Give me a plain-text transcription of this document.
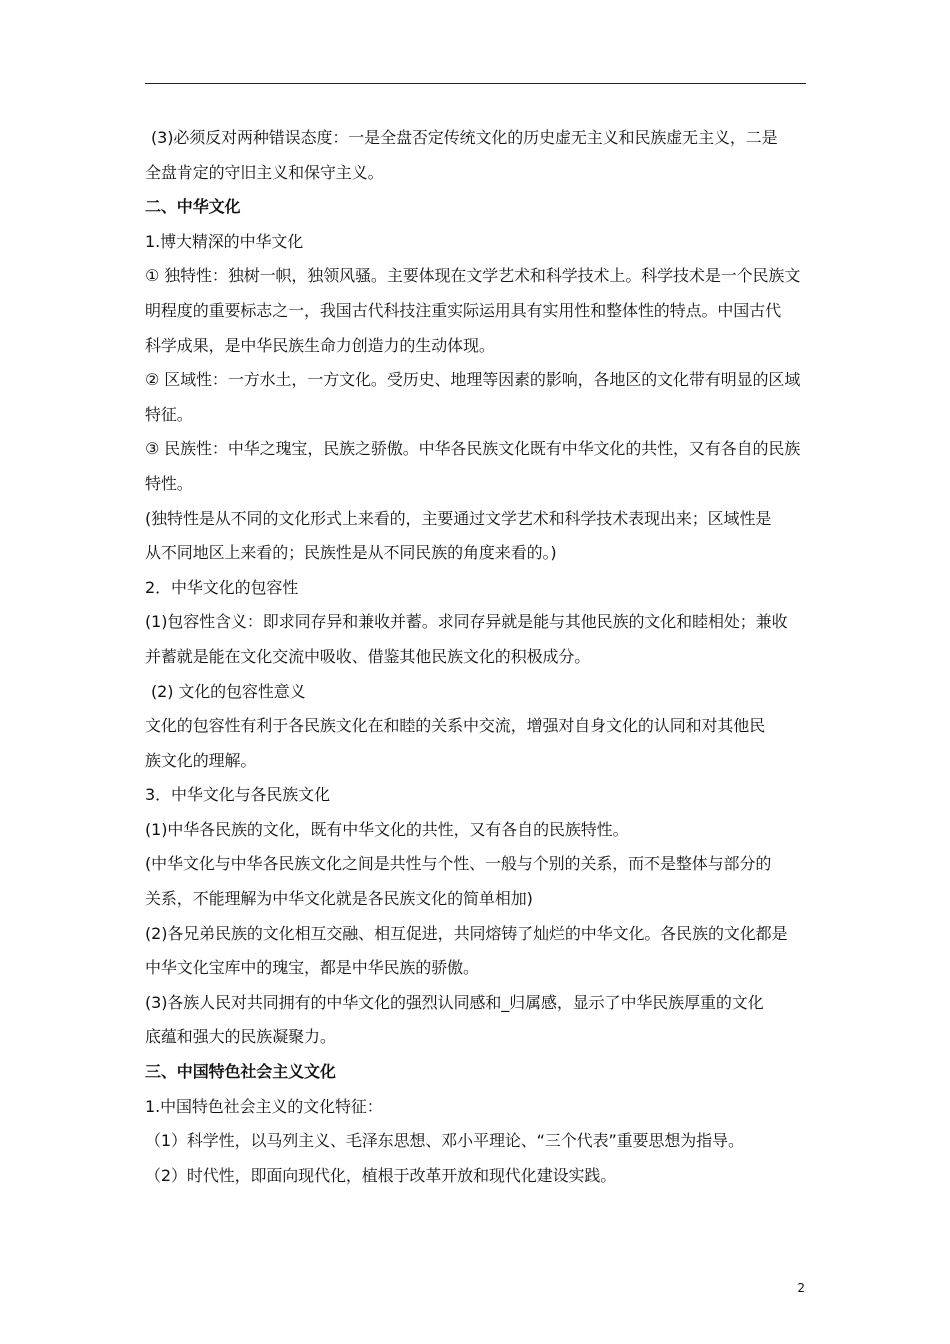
(3)必须反对两种错误态度：一是全盘否定传统文化的历史虚无主义和民族虚无主义，二是
全盘肯定的守旧主义和保守主义。
二、中华文化
1.博大精深的中华文化
① 独特性：独树一帜，独领风骚。主要体现在文学艺术和科学技术上。科学技术是一个民族文
明程度的重要标志之一，我国古代科技注重实际运用具有实用性和整体性的特点。中国古代
科学成果，是中华民族生命力创造力的生动体现。
② 区域性：一方水土，一方文化。受历史、地理等因素的影响，各地区的文化带有明显的区域
特征。
③ 民族性：中华之瑰宝，民族之骄傲。中华各民族文化既有中华文化的共性，又有各自的民族
特性。
(独特性是从不同的文化形式上来看的，主要通过文学艺术和科学技术表现出来；区域性是
从不同地区上来看的；民族性是从不同民族的角度来看的。)
2．中华文化的包容性
(1)包容性含义：即求同存异和兼收并蓄。求同存异就是能与其他民族的文化和睦相处；兼收
并蓄就是能在文化交流中吸收、借鉴其他民族文化的积极成分。
(2) 文化的包容性意义
文化的包容性有利于各民族文化在和睦的关系中交流，增强对自身文化的认同和对其他民
族文化的理解。
3．中华文化与各民族文化
(1)中华各民族的文化，既有中华文化的共性，又有各自的民族特性。
(中华文化与中华各民族文化之间是共性与个性、一般与个别的关系，而不是整体与部分的
关系，不能理解为中华文化就是各民族文化的简单相加)
(2)各兄弟民族的文化相互交融、相互促进，共同熔铸了灿烂的中华文化。各民族的文化都是
中华文化宝库中的瑰宝，都是中华民族的骄傲。
(3)各族人民对共同拥有的中华文化的强烈认同感和_归属感，显示了中华民族厚重的文化
底蕴和强大的民族凝聚力。
三、中国特色社会主义文化
1.中国特色社会主义的文化特征：
（1）科学性，以马列主义、毛泽东思想、邓小平理论、“三个代表”重要思想为指导。
（2）时代性，即面向现代化，植根于改革开放和现代化建设实践。
2
